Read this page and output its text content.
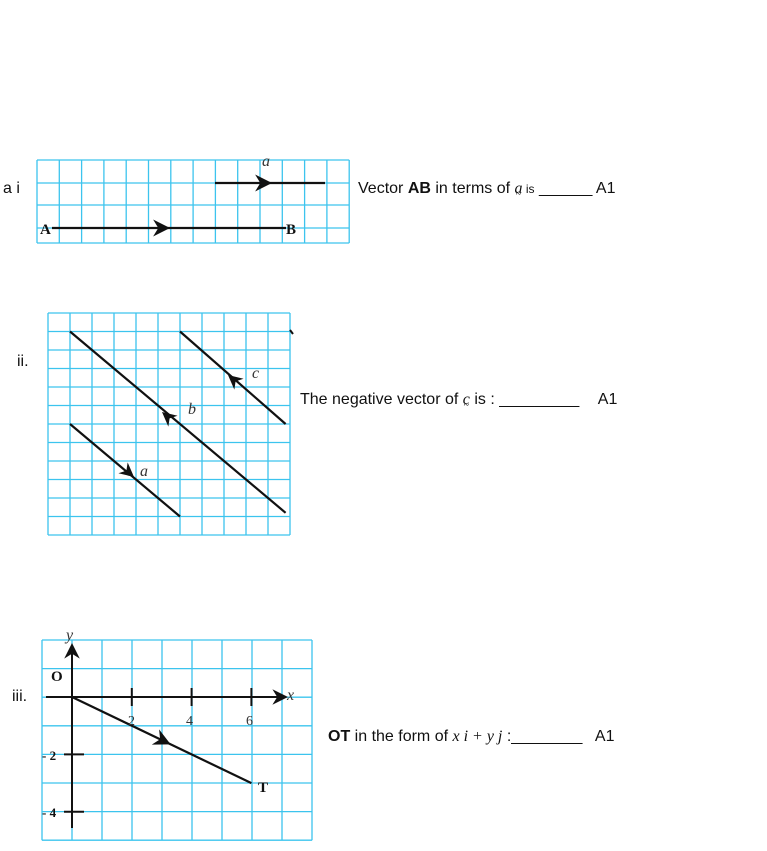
A	B
a
a
b
c
y
x
O
T
2	4	6
- 2
- 4
a i	Vector AB in terms of a ~ is ______ A1
ii.
The negative vector of c ~ is : _________ A1
iii.
OT in the form of x i + y j :________ A1
